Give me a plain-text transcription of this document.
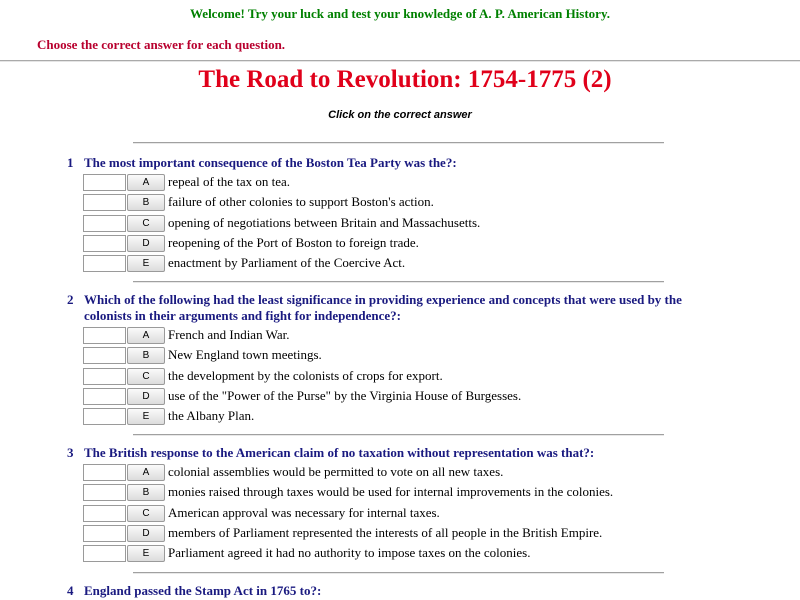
Welcome! Try your luck and test your knowledge of A. P. American History.
Choose the correct answer for each question.
The Road to Revolution: 1754-1775 (2)
Click on the correct answer
1 The most important consequence of the Boston Tea Party was the?:
A	repeal of the tax on tea.
B	failure of other colonies to support Boston's action.
C	opening of negotiations between Britain and Massachusetts.
D	reopening of the Port of Boston to foreign trade.
E	enactment by Parliament of the Coercive Act.
2 Which of the following had the least significance in providing experience and concepts that were used by the colonists in their arguments and fight for independence?:
A	French and Indian War.
B	New England town meetings.
C	the development by the colonists of crops for export.
D	use of the "Power of the Purse" by the Virginia House of Burgesses.
E	the Albany Plan.
3 The British response to the American claim of no taxation without representation was that?:
A	colonial assemblies would be permitted to vote on all new taxes.
B	monies raised through taxes would be used for internal improvements in the colonies.
C	American approval was necessary for internal taxes.
D	members of Parliament represented the interests of all people in the British Empire.
E	Parliament agreed it had no authority to impose taxes on the colonies.
4 England passed the Stamp Act in 1765 to?:
